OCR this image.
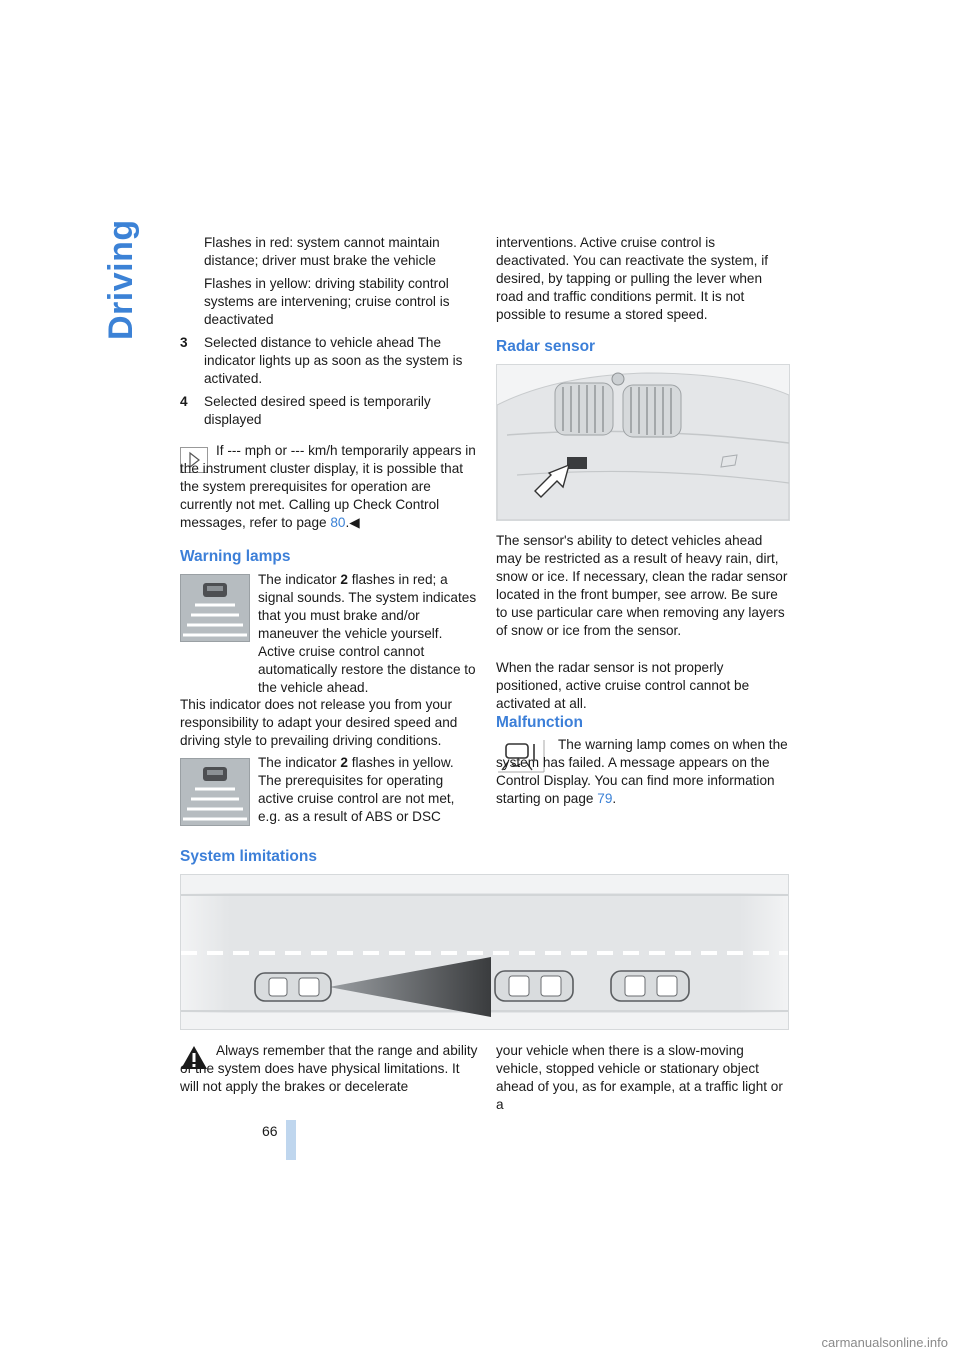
Driving	Flashes in red: system cannot maintain distance; driver must brake the vehicle

Flashes in yellow: driving stability control systems are intervening; cruise control is deactivated

3 Selected distance to vehicle ahead The indicator lights up as soon as the system is activated.
4 Selected desired speed is temporarily displayed
If --- mph or --- km/h temporarily appears in the instrument cluster display, it is possible that the system prerequisites for operation are currently not met. Calling up Check Control messages, refer to page 80.◀
Warning lamps
The indicator 2 flashes in red; a signal sounds. The system indicates that you must brake and/or maneuver the vehicle yourself. Active cruise control cannot automatically restore the distance to the vehicle ahead.
This indicator does not release you from your responsibility to adapt your desired speed and driving style to prevailing driving conditions.
The indicator 2 flashes in yellow. The prerequisites for operating active cruise control are not met, e.g. as a result of ABS or DSC
interventions. Active cruise control is deactivated. You can reactivate the system, if desired, by tapping or pulling the lever when road and traffic conditions permit. It is not possible to resume a stored speed.
Radar sensor
The sensor's ability to detect vehicles ahead may be restricted as a result of heavy rain, dirt, snow or ice. If necessary, clean the radar sensor located in the front bumper, see arrow. Be sure to use particular care when removing any layers of snow or ice from the sensor.
When the radar sensor is not properly positioned, active cruise control cannot be activated at all.
Malfunction
The warning lamp comes on when the system has failed. A message appears on the Control Display. You can find more information starting on page 79.
System limitations
Always remember that the range and ability of the system does have physical limitations. It will not apply the brakes or decelerate
your vehicle when there is a slow-moving vehicle, stopped vehicle or stationary object ahead of you, as for example, at a traffic light or a
66
carmanualsonline.info
